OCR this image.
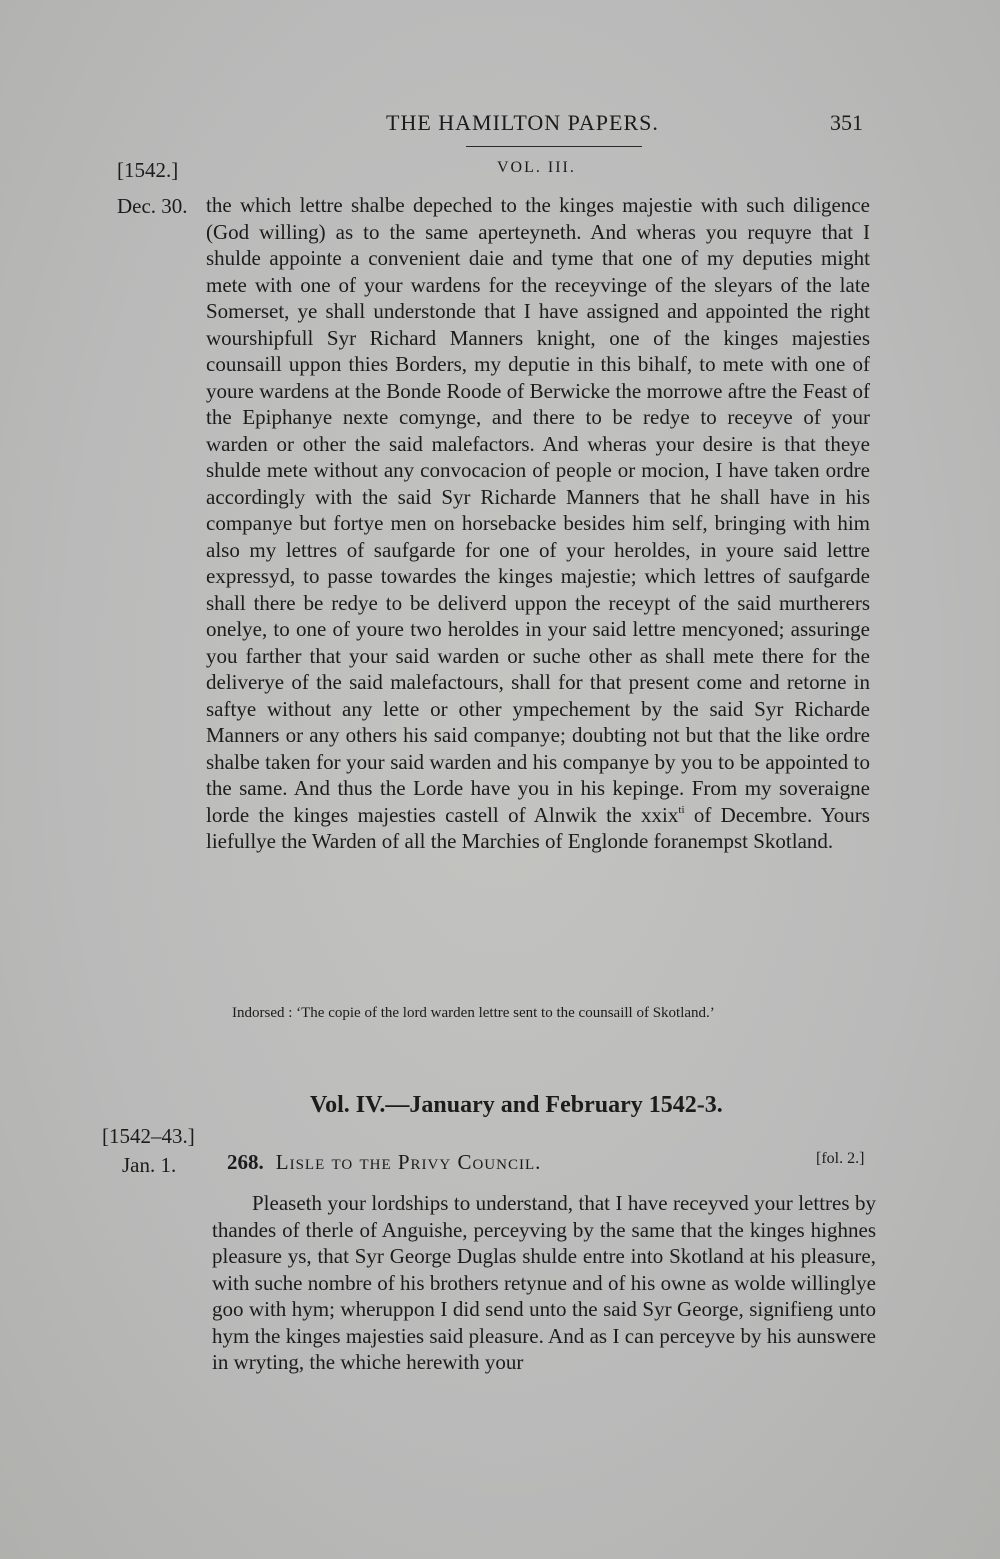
THE HAMILTON PAPERS.	351
[1542.]	VOL. III.
Dec. 30. the which lettre shalbe depeched to the kinges majestie with such diligence (God willing) as to the same aperteyneth. And wheras you requyre that I shulde appointe a convenient daie and tyme that one of my deputies might mete with one of your wardens for the receyvinge of the sleyars of the late Somerset, ye shall understonde that I have assigned and appointed the right wourshipfull Syr Richard Manners knight, one of the kinges majesties counsaill uppon thies Borders, my deputie in this bihalf, to mete with one of youre wardens at the Bonde Roode of Berwicke the morrowe aftre the Feast of the Epiphanye nexte comynge, and there to be redye to receyve of your warden or other the said malefactors. And wheras your desire is that theye shulde mete without any convocacion of people or mocion, I have taken ordre accordingly with the said Syr Richarde Manners that he shall have in his companye but fortye men on horsebacke besides him self, bringing with him also my lettres of saufgarde for one of your heroldes, in youre said lettre expressyd, to passe towardes the kinges majestie; which lettres of saufgarde shall there be redye to be deliverd uppon the receypt of the said murtherers onelye, to one of youre two heroldes in your said lettre mencyoned; assuringe you farther that your said warden or suche other as shall mete there for the deliverye of the said malefactours, shall for that present come and retorne in saftye without any lette or other ympechement by the said Syr Richarde Manners or any others his said companye; doubting not but that the like ordre shalbe taken for your said warden and his companye by you to be appointed to the same. And thus the Lorde have you in his kepinge. From my soveraigne lorde the kinges majesties castell of Alnwik the xxix$^{ti}$ of Decembre. Yours liefullye the Warden of all the Marchies of Englonde foranempst Skotland.

Indorsed : ‘The copie of the lord warden lettre sent to the counsaill of Skotland.’
Vol. IV.—January and February 1542-3.
[1542–43.]
Jan. 1. 268. Lisle to the Privy Council.	[fol. 2.]

Pleaseth your lordships to understand, that I have receyved your lettres by thandes of therle of Anguishe, perceyving by the same that the kinges highnes pleasure ys, that Syr George Duglas shulde entre into Skotland at his pleasure, with suche nombre of his brothers retynue and of his owne as wolde willinglye goo with hym; wheruppon I did send unto the said Syr George, signifieng unto hym the kinges majesties said pleasure. And as I can perceyve by his aunswere in wryting, the whiche herewith your
